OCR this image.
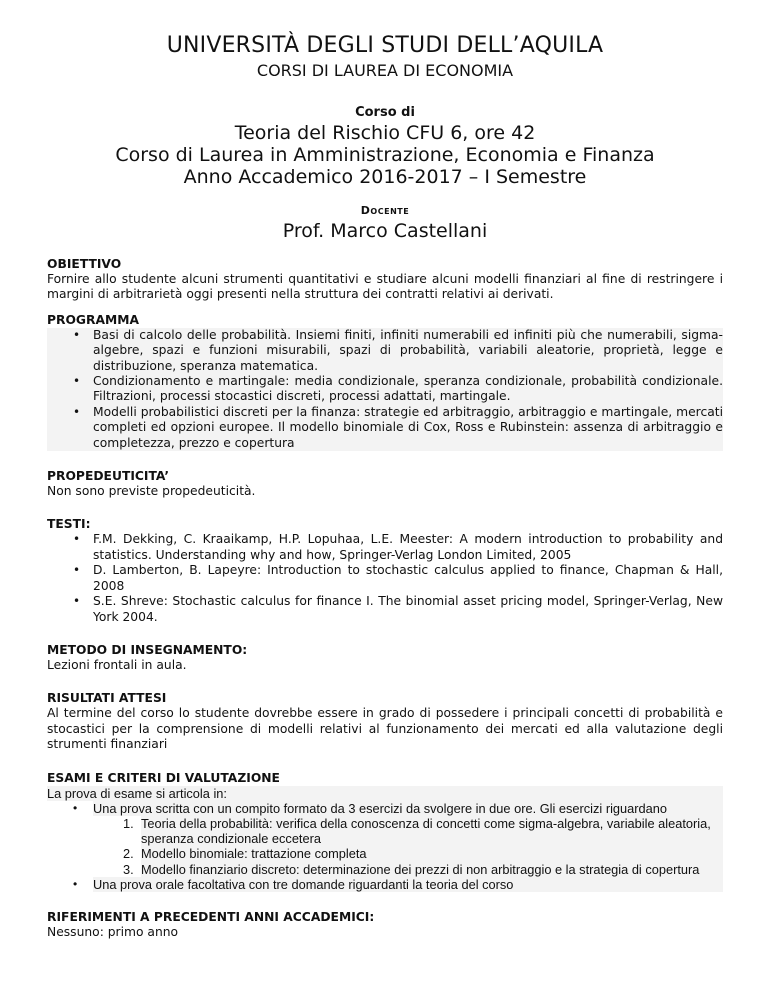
UNIVERSITÀ DEGLI STUDI DELL’AQUILA
CORSI DI LAUREA DI ECONOMIA
Corso di
Teoria del Rischio CFU 6, ore 42
Corso di Laurea in Amministrazione, Economia e Finanza
Anno Accademico 2016-2017 – I Semestre
Docente
Prof. Marco Castellani
OBIETTIVO

Fornire allo studente alcuni strumenti quantitativi e studiare alcuni modelli finanziari al fine di restringere i margini di arbitrarietà oggi presenti nella struttura dei contratti relativi ai derivati.

PROGRAMMA
• Basi di calcolo delle probabilità. Insiemi finiti, infiniti numerabili ed infiniti più che numerabili, sigma-algebre, spazi e funzioni misurabili, spazi di probabilità, variabili aleatorie, proprietà, legge e distribuzione, speranza matematica.
• Condizionamento e martingale: media condizionale, speranza condizionale, probabilità condizionale. Filtrazioni, processi stocastici discreti, processi adattati, martingale.
• Modelli probabilistici discreti per la finanza: strategie ed arbitraggio, arbitraggio e martingale, mercati completi ed opzioni europee. Il modello binomiale di Cox, Ross e Rubinstein: assenza di arbitraggio e completezza, prezzo e copertura
PROPEDEUTICITA’

Non sono previste propedeuticità.

TESTI:
• F.M. Dekking, C. Kraaikamp, H.P. Lopuhaa, L.E. Meester: A modern introduction to probability and statistics. Understanding why and how, Springer-Verlag London Limited, 2005
• D. Lamberton, B. Lapeyre: Introduction to stochastic calculus applied to finance, Chapman & Hall, 2008
• S.E. Shreve: Stochastic calculus for finance I. The binomial asset pricing model, Springer-Verlag, New York 2004.
METODO DI INSEGNAMENTO:

Lezioni frontali in aula.

RISULTATI ATTESI

Al termine del corso lo studente dovrebbe essere in grado di possedere i principali concetti di probabilità e stocastici per la comprensione di modelli relativi al funzionamento dei mercati ed alla valutazione degli strumenti finanziari

ESAMI E CRITERI DI VALUTAZIONE

La prova di esame si articola in:

• Una prova scritta con un compito formato da 3 esercizi da svolgere in due ore. Gli esercizi riguardano
1. Teoria della probabilità: verifica della conoscenza di concetti come sigma-algebra, variabile aleatoria, speranza condizionale eccetera
2. Modello binomiale: trattazione completa
3. Modello finanziario discreto: determinazione dei prezzi di non arbitraggio e la strategia di copertura
• Una prova orale facoltativa con tre domande riguardanti la teoria del corso
RIFERIMENTI A PRECEDENTI ANNI ACCADEMICI:

Nessuno: primo anno
